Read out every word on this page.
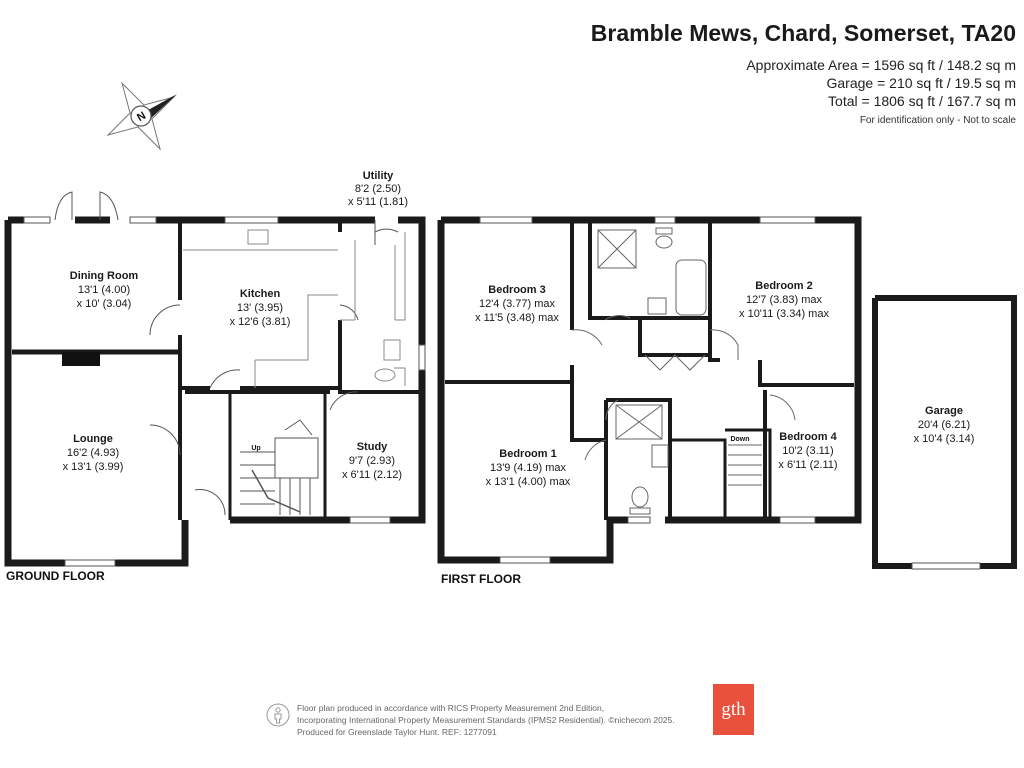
Bramble Mews, Chard, Somerset, TA20
Approximate Area = 1596 sq ft / 148.2 sq m
Garage = 210 sq ft / 19.5 sq m
Total = 1806 sq ft / 167.7 sq m
For identification only - Not to scale
N
Up
Down
Dining Room
13'1 (4.00)
x 10' (3.04)
Kitchen
13' (3.95)
x 12'6 (3.81)
Utility
8'2 (2.50)
x 5'11 (1.81)
Lounge
16'2 (4.93)
x 13'1 (3.99)
Study
9'7 (2.93)
x 6'11 (2.12)
Bedroom 3
12'4 (3.77) max
x 11'5 (3.48) max
Bedroom 2
12'7 (3.83) max
x 10'11 (3.34) max
Bedroom 1
13'9 (4.19) max
x 13'1 (4.00) max
Bedroom 4
10'2 (3.11)
x 6'11 (2.11)
Garage
20'4 (6.21)
x 10'4 (3.14)
GROUND FLOOR	FIRST FLOOR
Floor plan produced in accordance with RICS Property Measurement 2nd Edition,
Incorporating International Property Measurement Standards (IPMS2 Residential). ©nichecom 2025.
Produced for Greenslade Taylor Hunt. REF: 1277091
gth
